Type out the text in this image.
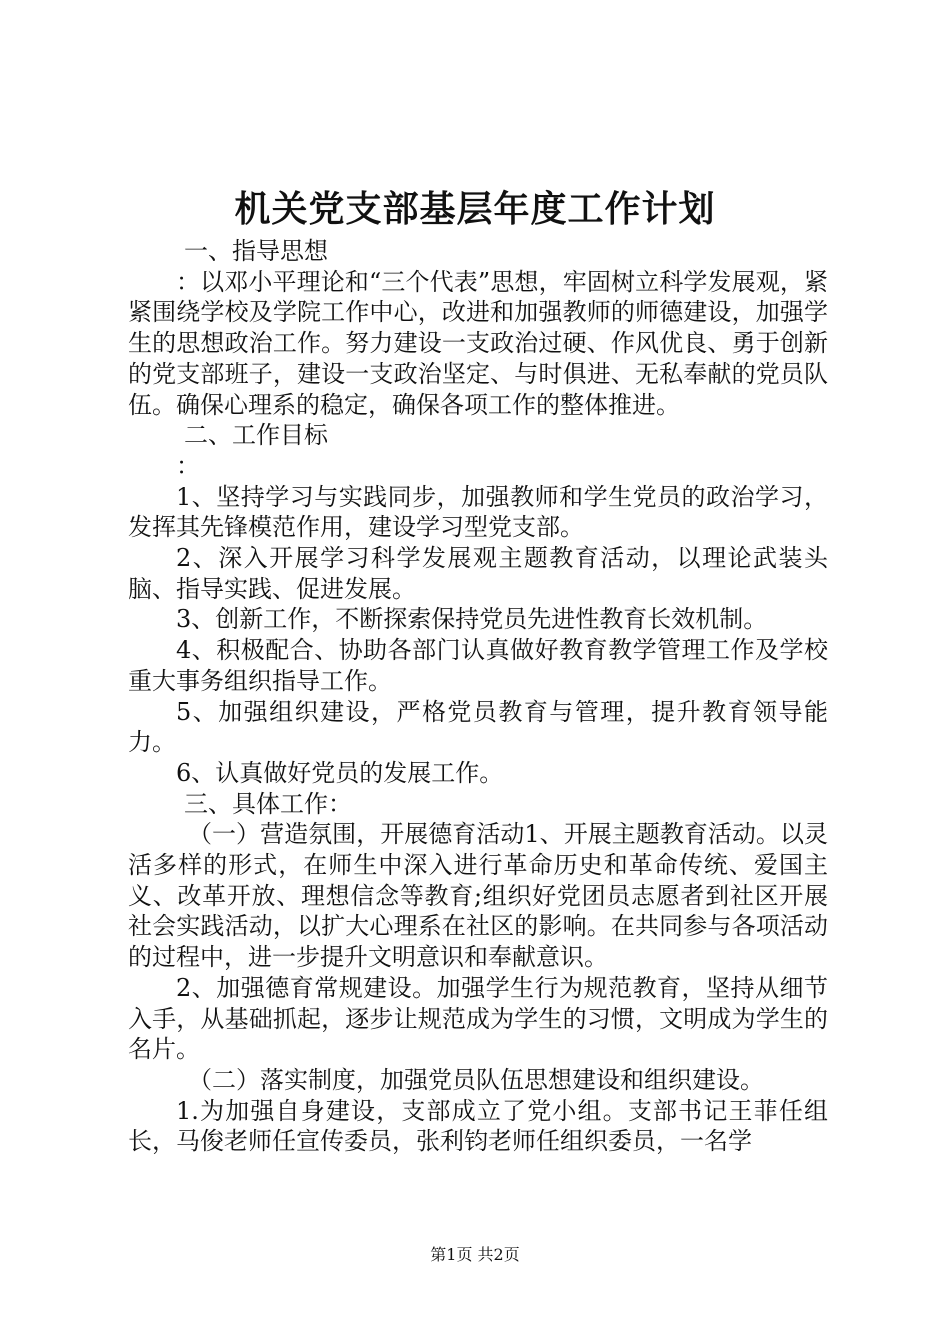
机关党支部基层年度工作计划

一、指导思想

：以邓小平理论和“三个代表”思想，牢固树立科学发展观，紧紧围绕学校及学院工作中心，改进和加强教师的师德建设，加强学生的思想政治工作。努力建设一支政治过硬、作风优良、勇于创新的党支部班子，建设一支政治坚定、与时俱进、无私奉献的党员队伍。确保心理系的稳定，确保各项工作的整体推进。

二、工作目标

：

1、坚持学习与实践同步，加强教师和学生党员的政治学习，发挥其先锋模范作用，建设学习型党支部。

2、深入开展学习科学发展观主题教育活动，以理论武装头脑、指导实践、促进发展。

3、创新工作，不断探索保持党员先进性教育长效机制。

4、积极配合、协助各部门认真做好教育教学管理工作及学校重大事务组织指导工作。

5、加强组织建设，严格党员教育与管理，提升教育领导能力。

6、认真做好党员的发展工作。

三、具体工作：

（一）营造氛围，开展德育活动1、开展主题教育活动。以灵活多样的形式，在师生中深入进行革命历史和革命传统、爱国主义、改革开放、理想信念等教育;组织好党团员志愿者到社区开展社会实践活动，以扩大心理系在社区的影响。在共同参与各项活动的过程中，进一步提升文明意识和奉献意识。

2、加强德育常规建设。加强学生行为规范教育，坚持从细节入手，从基础抓起，逐步让规范成为学生的习惯，文明成为学生的名片。

（二）落实制度，加强党员队伍思想建设和组织建设。

1.为加强自身建设，支部成立了党小组。支部书记王菲任组长，马俊老师任宣传委员，张利钧老师任组织委员，一名学

第1页 共2页
